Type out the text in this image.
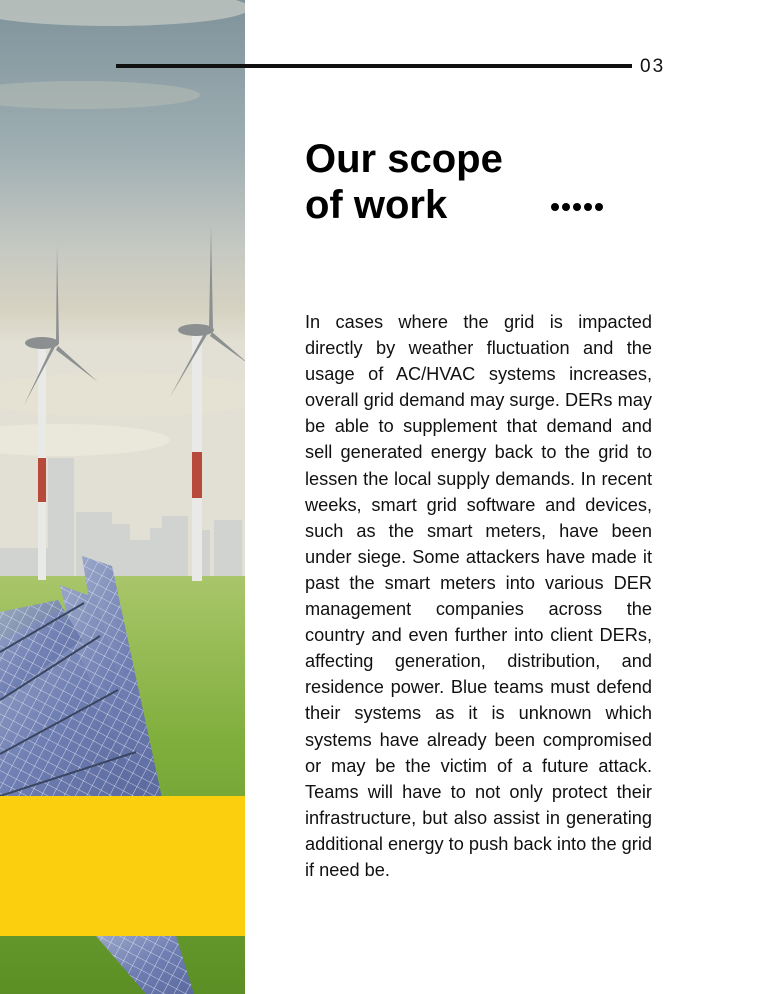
03
Our scope
of work

In cases where the grid is impacted directly by weather fluctuation and the usage of AC/HVAC systems increases, overall grid demand may surge. DERs may be able to supplement that demand and sell generated energy back to the grid to lessen the local supply demands. In recent weeks, smart grid software and devices, such as the smart meters, have been under siege. Some attackers have made it past the smart meters into various DER management companies across the country and even further into client DERs, affecting generation, distribution, and residence power. Blue teams must defend their systems as it is unknown which systems have already been compromised or may be the victim of a future attack. Teams will have to not only protect their infrastructure, but also assist in generating additional energy to push back into the grid if need be.
